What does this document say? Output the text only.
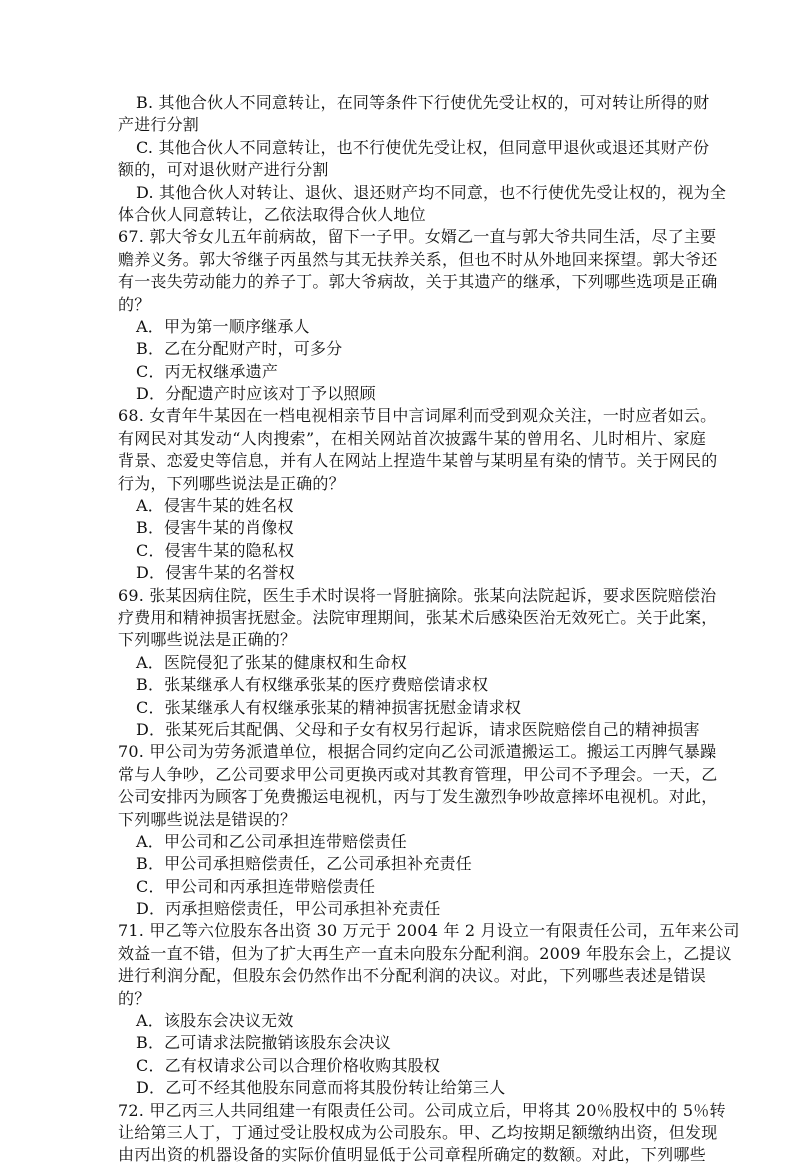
B. 其他合伙人不同意转让，在同等条件下行使优先受让权的，可对转让所得的财
产进行分割
C. 其他合伙人不同意转让，也不行使优先受让权，但同意甲退伙或退还其财产份
额的，可对退伙财产进行分割
D. 其他合伙人对转让、退伙、退还财产均不同意，也不行使优先受让权的，视为全
体合伙人同意转让，乙依法取得合伙人地位
67. 郭大爷女儿五年前病故，留下一子甲。女婿乙一直与郭大爷共同生活，尽了主要
赡养义务。郭大爷继子丙虽然与其无扶养关系，但也不时从外地回来探望。郭大爷还
有一丧失劳动能力的养子丁。郭大爷病故，关于其遗产的继承，下列哪些选项是正确
的？
A．甲为第一顺序继承人
B．乙在分配财产时，可多分
C．丙无权继承遗产
D．分配遗产时应该对丁予以照顾
68. 女青年牛某因在一档电视相亲节目中言词犀利而受到观众关注，一时应者如云。
有网民对其发动“人肉搜索”，在相关网站首次披露牛某的曾用名、儿时相片、家庭
背景、恋爱史等信息，并有人在网站上捏造牛某曾与某明星有染的情节。关于网民的
行为，下列哪些说法是正确的？
A．侵害牛某的姓名权
B．侵害牛某的肖像权
C．侵害牛某的隐私权
D．侵害牛某的名誉权
69. 张某因病住院，医生手术时误将一肾脏摘除。张某向法院起诉，要求医院赔偿治
疗费用和精神损害抚慰金。法院审理期间，张某术后感染医治无效死亡。关于此案，
下列哪些说法是正确的？
A．医院侵犯了张某的健康权和生命权
B．张某继承人有权继承张某的医疗费赔偿请求权
C．张某继承人有权继承张某的精神损害抚慰金请求权
D．张某死后其配偶、父母和子女有权另行起诉，请求医院赔偿自己的精神损害
70. 甲公司为劳务派遣单位，根据合同约定向乙公司派遣搬运工。搬运工丙脾气暴躁
常与人争吵，乙公司要求甲公司更换丙或对其教育管理，甲公司不予理会。一天，乙
公司安排丙为顾客丁免费搬运电视机，丙与丁发生激烈争吵故意摔坏电视机。对此，
下列哪些说法是错误的？
A．甲公司和乙公司承担连带赔偿责任
B．甲公司承担赔偿责任，乙公司承担补充责任
C．甲公司和丙承担连带赔偿责任
D．丙承担赔偿责任，甲公司承担补充责任
71. 甲乙等六位股东各出资 30 万元于 2004 年 2 月设立一有限责任公司，五年来公司
效益一直不错，但为了扩大再生产一直未向股东分配利润。2009 年股东会上，乙提议
进行利润分配，但股东会仍然作出不分配利润的决议。对此，下列哪些表述是错误
的？
A．该股东会决议无效
B．乙可请求法院撤销该股东会决议
C．乙有权请求公司以合理价格收购其股权
D．乙可不经其他股东同意而将其股份转让给第三人
72. 甲乙丙三人共同组建一有限责任公司。公司成立后，甲将其 20％股权中的 5％转
让给第三人丁，丁通过受让股权成为公司股东。甲、乙均按期足额缴纳出资，但发现
由丙出资的机器设备的实际价值明显低于公司章程所确定的数额。对此，下列哪些
